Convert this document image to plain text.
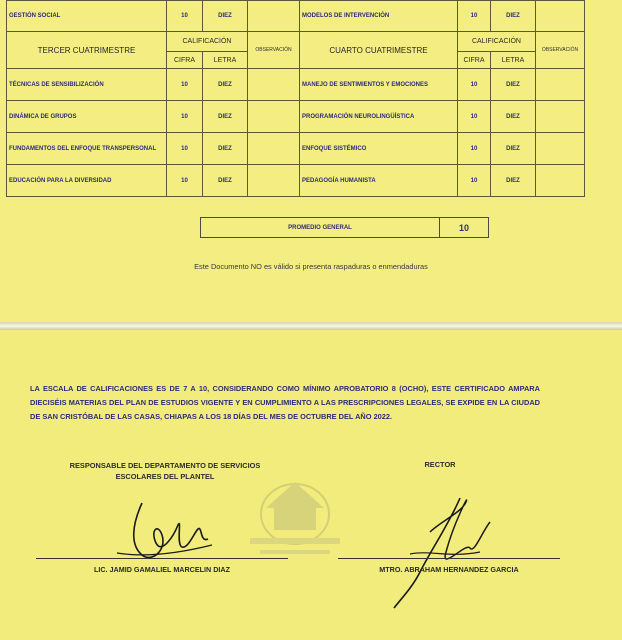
GESTIÓN SOCIAL	10	DIEZ		MODELOS DE INTERVENCIÓN	10	DIEZ	
TERCER CUATRIMESTRE	CALIFICACIÓN		OBSERVACIÓN	CUARTO CUATRIMESTRE	CALIFICACIÓN		OBSERVACIÓN
	CIFRA	LETRA			CIFRA	LETRA	
TÉCNICAS DE SENSIBILIZACIÓN	10	DIEZ		MANEJO DE SENTIMIENTOS Y EMOCIONES	10	DIEZ	
DINÁMICA DE GRUPOS	10	DIEZ		PROGRAMACIÓN NEUROLINGÜÍSTICA	10	DIEZ	
FUNDAMENTOS DEL ENFOQUE TRANSPERSONAL	10	DIEZ		ENFOQUE SISTÉMICO	10	DIEZ	
EDUCACIÓN PARA LA DIVERSIDAD	10	DIEZ		PEDAGOGÍA HUMANISTA	10	DIEZ	
PROMEDIO GENERAL	10
Este Documento NO es válido si presenta raspaduras o enmendaduras
LA ESCALA DE CALIFICACIONES ES DE 7 A 10, CONSIDERANDO COMO MÍNIMO APROBATORIO 8 (OCHO), ESTE CERTIFICADO AMPARA DIECISÉIS MATERIAS DEL PLAN DE ESTUDIOS VIGENTE Y EN CUMPLIMIENTO A LAS PRESCRIPCIONES LEGALES, SE EXPIDE EN LA CIUDAD DE SAN CRISTÓBAL DE LAS CASAS, CHIAPAS A LOS 18 DÍAS DEL MES DE OCTUBRE DEL AÑO 2022.
RESPONSABLE DEL DEPARTAMENTO DE SERVICIOS
ESCOLARES DEL PLANTEL
RECTOR
LIC. JAMID GAMALIEL MARCELIN DIAZ	MTRO. ABRAHAM HERNANDEZ GARCIA
